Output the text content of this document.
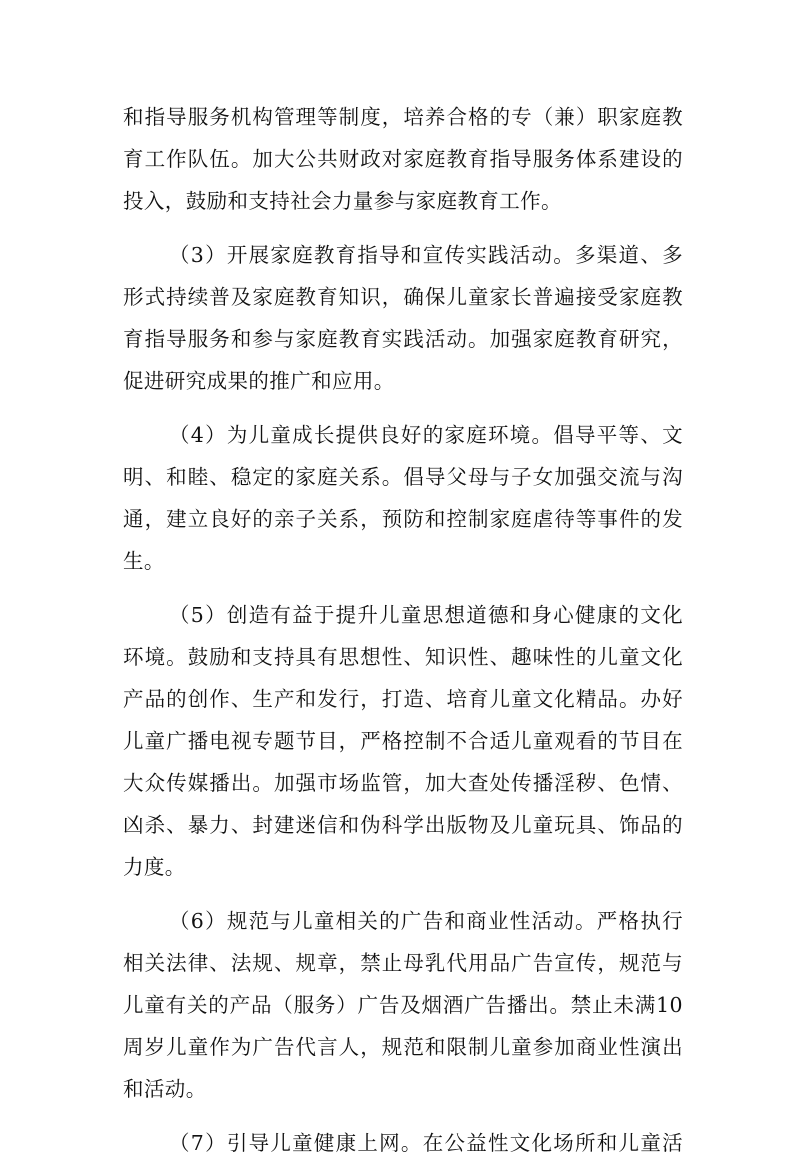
和指导服务机构管理等制度，培养合格的专（兼）职家庭教
育工作队伍。加大公共财政对家庭教育指导服务体系建设的
投入，鼓励和支持社会力量参与家庭教育工作。
（3）开展家庭教育指导和宣传实践活动。多渠道、多
形式持续普及家庭教育知识，确保儿童家长普遍接受家庭教
育指导服务和参与家庭教育实践活动。加强家庭教育研究，
促进研究成果的推广和应用。
（4）为儿童成长提供良好的家庭环境。倡导平等、文
明、和睦、稳定的家庭关系。倡导父母与子女加强交流与沟
通，建立良好的亲子关系，预防和控制家庭虐待等事件的发
生。
（5）创造有益于提升儿童思想道德和身心健康的文化
环境。鼓励和支持具有思想性、知识性、趣味性的儿童文化
产品的创作、生产和发行，打造、培育儿童文化精品。办好
儿童广播电视专题节目，严格控制不合适儿童观看的节目在
大众传媒播出。加强市场监管，加大查处传播淫秽、色情、
凶杀、暴力、封建迷信和伪科学出版物及儿童玩具、饰品的
力度。
（6）规范与儿童相关的广告和商业性活动。严格执行
相关法律、法规、规章，禁止母乳代用品广告宣传，规范与
儿童有关的产品（服务）广告及烟酒广告播出。禁止未满10
周岁儿童作为广告代言人，规范和限制儿童参加商业性演出
和活动。
（7）引导儿童健康上网。在公益性文化场所和儿童活
